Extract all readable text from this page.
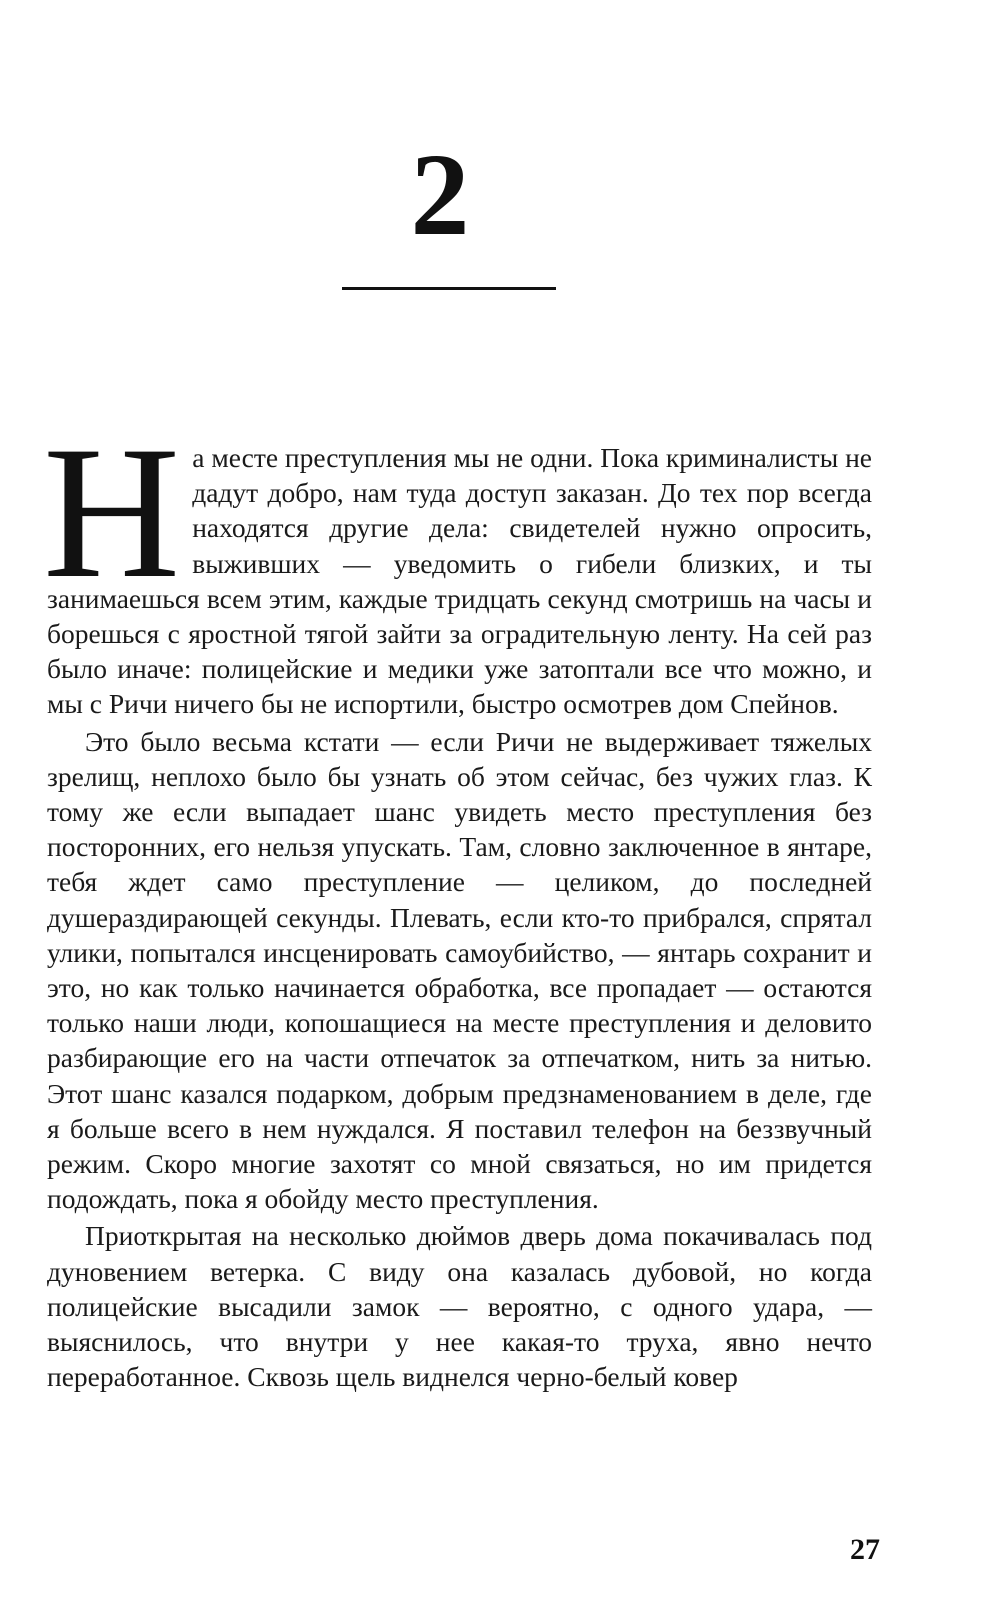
2

На месте преступления мы не одни. Пока криминалисты не дадут добро, нам туда доступ заказан. До тех пор всегда находятся другие дела: свидетелей нужно опросить, выживших — уведомить о гибели близких, и ты занимаешься всем этим, каждые тридцать секунд смотришь на часы и борешься с яростной тягой зайти за оградительную ленту. На сей раз было иначе: полицейские и медики уже затоптали все что можно, и мы с Ричи ничего бы не испортили, быстро осмотрев дом Спейнов.

Это было весьма кстати — если Ричи не выдерживает тяжелых зрелищ, неплохо было бы узнать об этом сейчас, без чужих глаз. К тому же если выпадает шанс увидеть место преступления без посторонних, его нельзя упускать. Там, словно заключенное в янтаре, тебя ждет само преступление — целиком, до последней душераздирающей секунды. Плевать, если кто-то прибрался, спрятал улики, попытался инсценировать самоубийство, — янтарь сохранит и это, но как только начинается обработка, все пропадает — остаются только наши люди, копошащиеся на месте преступления и деловито разбирающие его на части отпечаток за отпечатком, нить за нитью. Этот шанс казался подарком, добрым предзнаменованием в деле, где я больше всего в нем нуждался. Я поставил телефон на беззвучный режим. Скоро многие захотят со мной связаться, но им придется подождать, пока я обойду место преступления.

Приоткрытая на несколько дюймов дверь дома покачивалась под дуновением ветерка. С виду она казалась дубовой, но когда полицейские высадили замок — вероятно, с одного удара, — выяснилось, что внутри у нее какая-то труха, явно нечто переработанное. Сквозь щель виднелся черно-белый ковер

27
